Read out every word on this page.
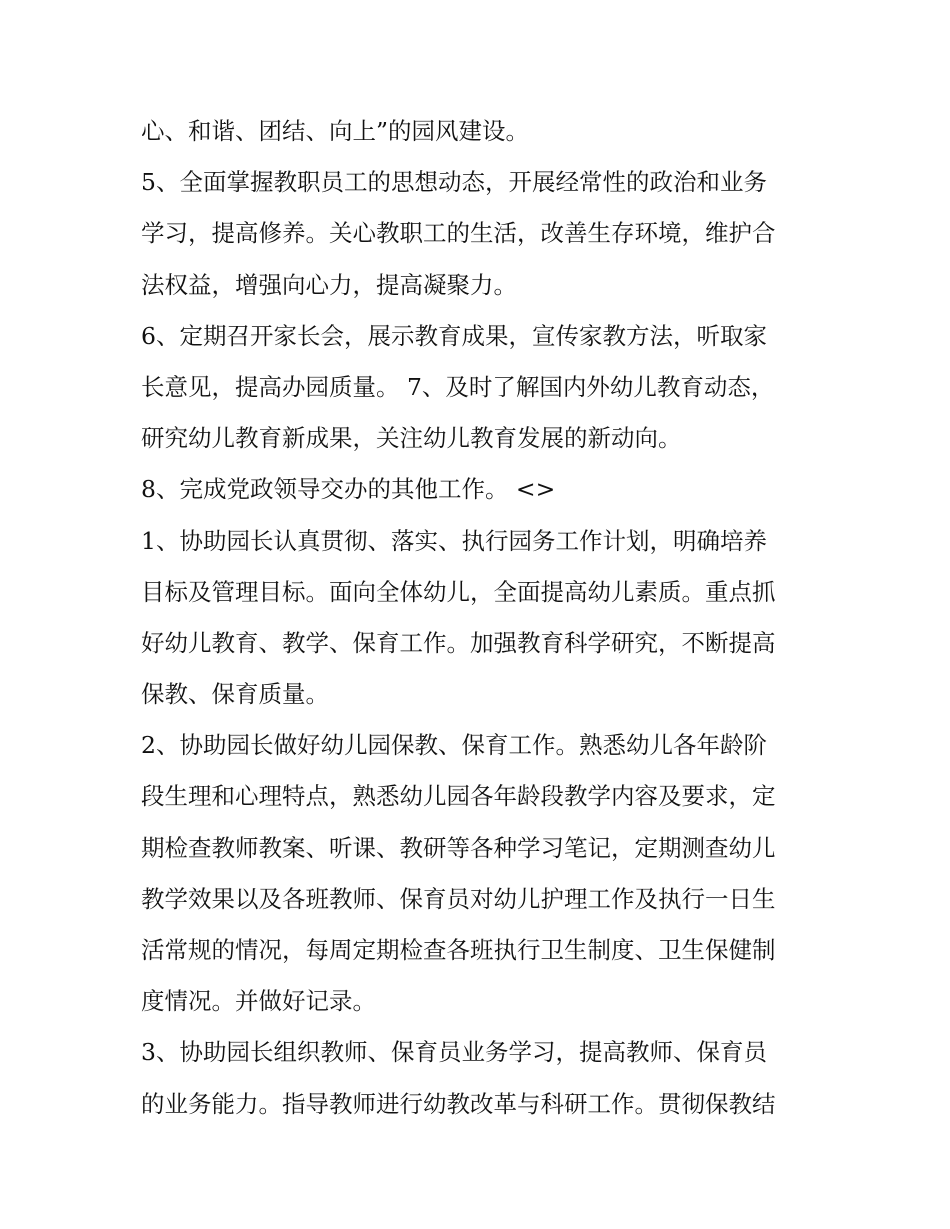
心、和谐、团结、向上”的园风建设。
5、全面掌握教职员工的思想动态，开展经常性的政治和业务
学习，提高修养。关心教职工的生活，改善生存环境，维护合
法权益，增强向心力，提高凝聚力。
6、定期召开家长会，展示教育成果，宣传家教方法，听取家
长意见，提高办园质量。 7、及时了解国内外幼儿教育动态，
研究幼儿教育新成果，关注幼儿教育发展的新动向。
8、完成党政领导交办的其他工作。 <>
1、协助园长认真贯彻、落实、执行园务工作计划，明确培养
目标及管理目标。面向全体幼儿，全面提高幼儿素质。重点抓
好幼儿教育、教学、保育工作。加强教育科学研究，不断提高
保教、保育质量。
2、协助园长做好幼儿园保教、保育工作。熟悉幼儿各年龄阶
段生理和心理特点，熟悉幼儿园各年龄段教学内容及要求，定
期检查教师教案、听课、教研等各种学习笔记，定期测查幼儿
教学效果以及各班教师、保育员对幼儿护理工作及执行一日生
活常规的情况，每周定期检查各班执行卫生制度、卫生保健制
度情况。并做好记录。
3、协助园长组织教师、保育员业务学习，提高教师、保育员
的业务能力。指导教师进行幼教改革与科研工作。贯彻保教结
